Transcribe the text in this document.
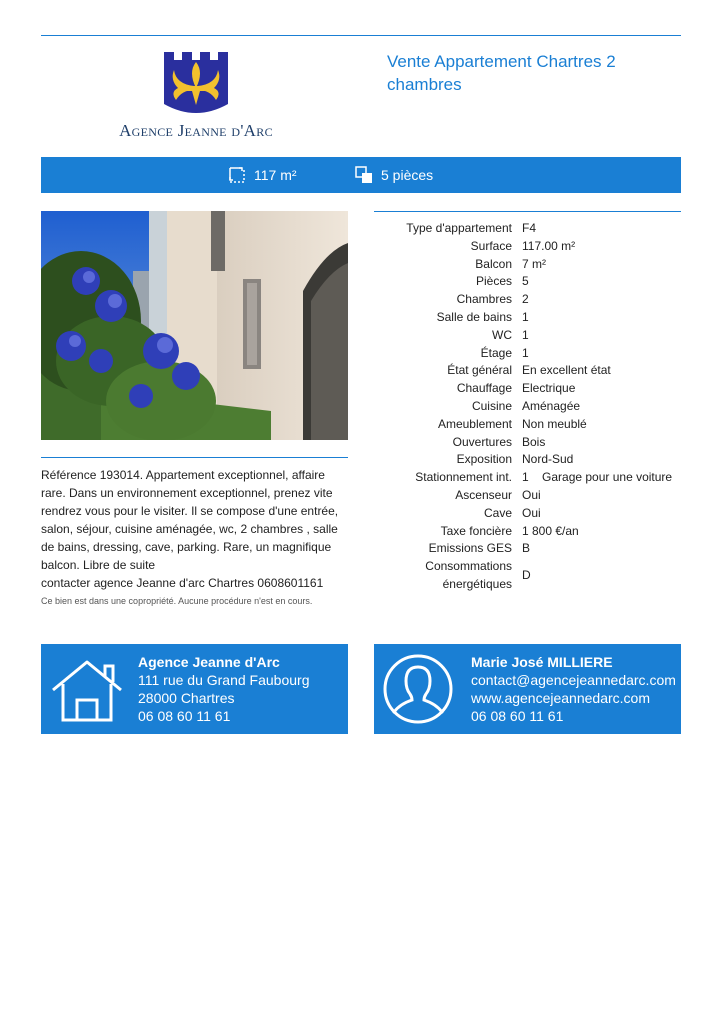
Agence Jeanne d'Arc
Vente Appartement Chartres 2 chambres
117 m²	5 pièces

Référence 193014. Appartement exceptionnel, affaire rare. Dans un environnement exceptionnel, prenez vite rendrez vous pour le visiter. Il se compose d'une entrée, salon, séjour, cuisine aménagée, wc, 2 chambres , salle de bains, dressing, cave, parking. Rare, un magnifique balcon. Libre de suite

contacter agence Jeanne d'arc Chartres 0608601161

Ce bien est dans une copropriété. Aucune procédure n'est en cours.

Type d'appartement	F4
Surface	117.00 m²
Balcon	7 m²
Pièces	5
Chambres	2
Salle de bains	1
WC	1
Étage	1
État général	En excellent état
Chauffage	Electrique
Cuisine	Aménagée
Ameublement	Non meublé
Ouvertures	Bois
Exposition	Nord-Sud
Stationnement int.	1    Garage pour une voiture
Ascenseur	Oui
Cave	Oui
Taxe foncière	1 800 €/an
Emissions GES	B
Consommations énergétiques	D
Agence Jeanne d'Arc
111 rue du Grand Faubourg
28000 Chartres
06 08 60 11 61
Marie José MILLIERE
contact@agencejeannedarc.com
www.agencejeannedarc.com
06 08 60 11 61
